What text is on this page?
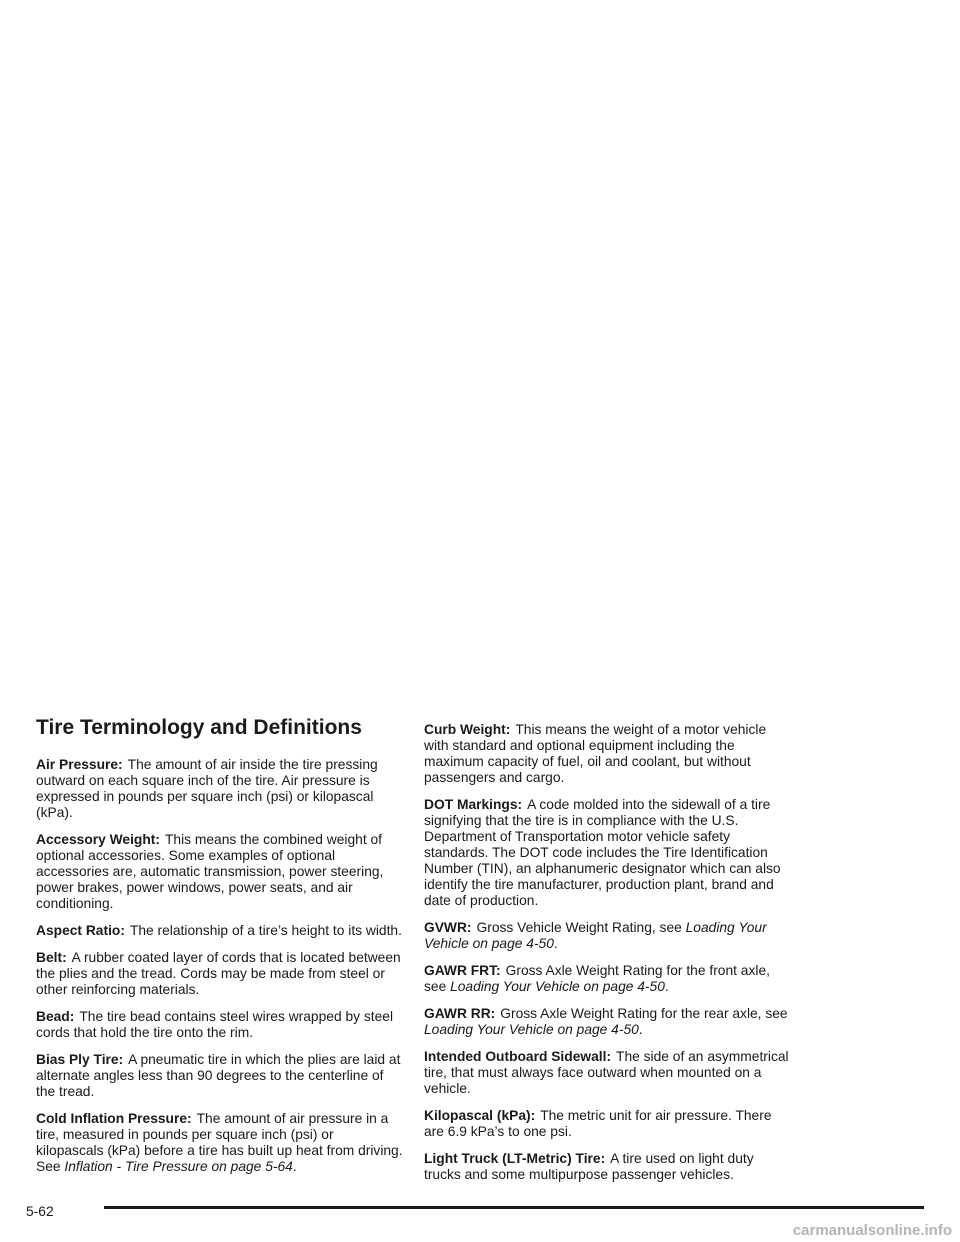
Tire Terminology and Definitions

Air Pressure: The amount of air inside the tire pressing outward on each square inch of the tire. Air pressure is expressed in pounds per square inch (psi) or kilopascal (kPa).

Accessory Weight: This means the combined weight of optional accessories. Some examples of optional accessories are, automatic transmission, power steering, power brakes, power windows, power seats, and air conditioning.

Aspect Ratio: The relationship of a tire’s height to its width.

Belt: A rubber coated layer of cords that is located between the plies and the tread. Cords may be made from steel or other reinforcing materials.

Bead: The tire bead contains steel wires wrapped by steel cords that hold the tire onto the rim.

Bias Ply Tire: A pneumatic tire in which the plies are laid at alternate angles less than 90 degrees to the centerline of the tread.

Cold Inflation Pressure: The amount of air pressure in a tire, measured in pounds per square inch (psi) or kilopascals (kPa) before a tire has built up heat from driving. See Inflation - Tire Pressure on page 5-64.

Curb Weight: This means the weight of a motor vehicle with standard and optional equipment including the maximum capacity of fuel, oil and coolant, but without passengers and cargo.

DOT Markings: A code molded into the sidewall of a tire signifying that the tire is in compliance with the U.S. Department of Transportation motor vehicle safety standards. The DOT code includes the Tire Identification Number (TIN), an alphanumeric designator which can also identify the tire manufacturer, production plant, brand and date of production.

GVWR: Gross Vehicle Weight Rating, see Loading Your Vehicle on page 4-50.

GAWR FRT: Gross Axle Weight Rating for the front axle, see Loading Your Vehicle on page 4-50.

GAWR RR: Gross Axle Weight Rating for the rear axle, see Loading Your Vehicle on page 4-50.

Intended Outboard Sidewall: The side of an asymmetrical tire, that must always face outward when mounted on a vehicle.

Kilopascal (kPa): The metric unit for air pressure. There are 6.9 kPa’s to one psi.

Light Truck (LT-Metric) Tire: A tire used on light duty trucks and some multipurpose passenger vehicles.

5-62
carmanualsonline.info
